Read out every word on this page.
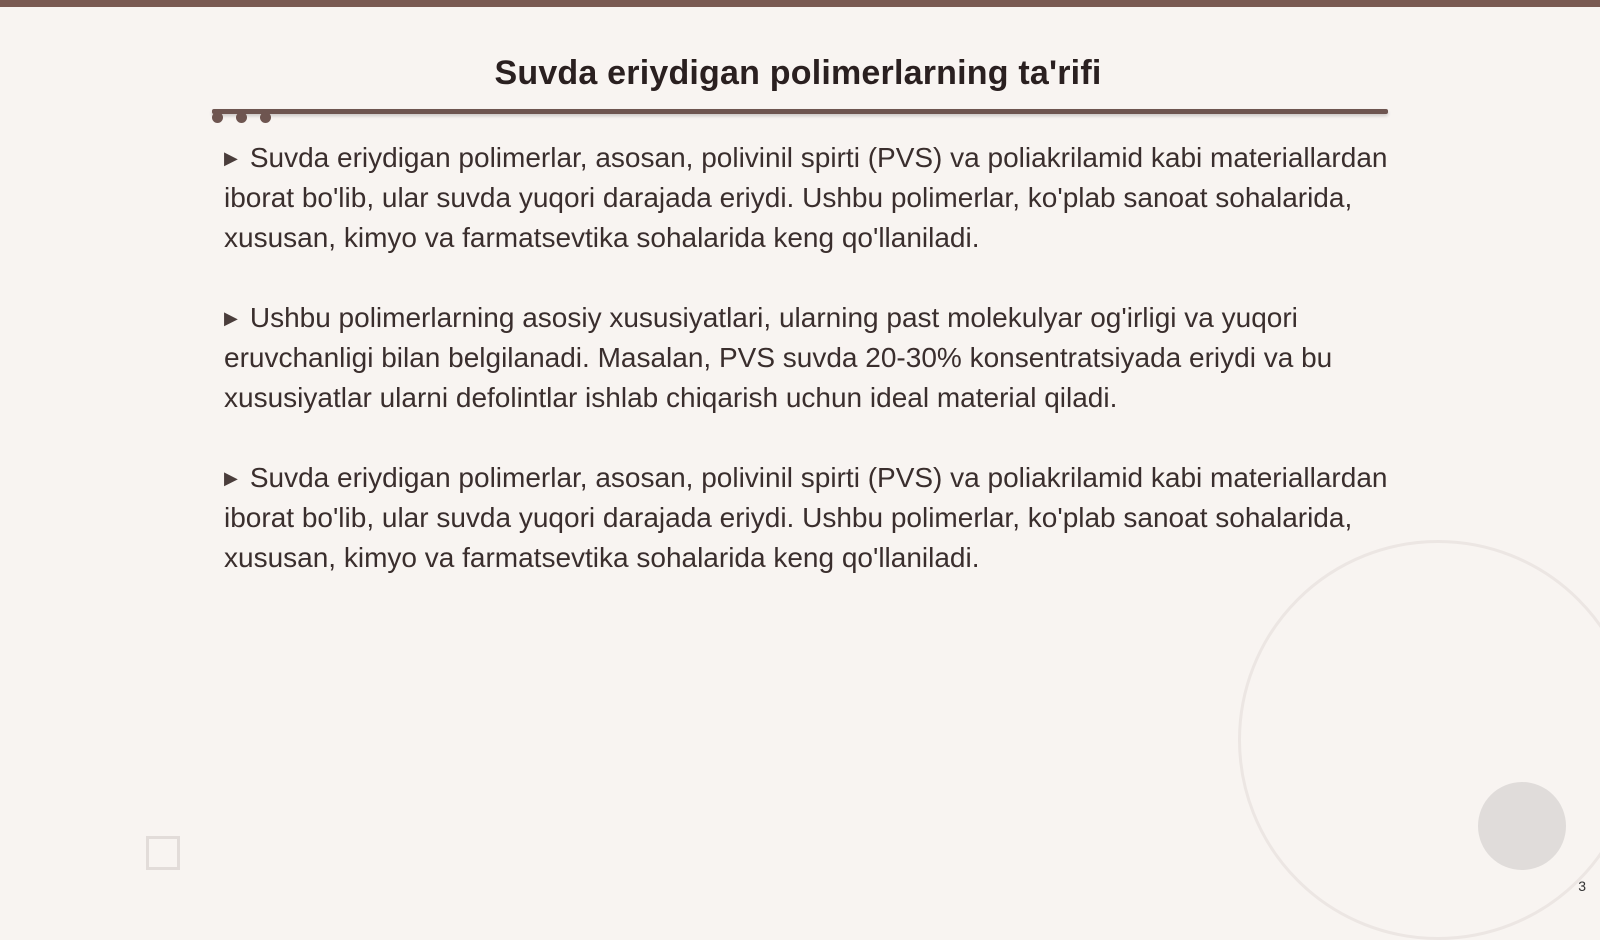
Suvda eriydigan polimerlarning ta'rifi

▶ Suvda eriydigan polimerlar, asosan, polivinil spirti (PVS) va poliakrilamid kabi materiallardan iborat bo'lib, ular suvda yuqori darajada eriydi. Ushbu polimerlar, ko'plab sanoat sohalarida, xususan, kimyo va farmatsevtika sohalarida keng qo'llaniladi.

▶ Ushbu polimerlarning asosiy xususiyatlari, ularning past molekulyar og'irligi va yuqori eruvchanligi bilan belgilanadi. Masalan, PVS suvda 20-30% konsentratsiyada eriydi va bu xususiyatlar ularni defolintlar ishlab chiqarish uchun ideal material qiladi.

▶ Suvda eriydigan polimerlar, asosan, polivinil spirti (PVS) va poliakrilamid kabi materiallardan iborat bo'lib, ular suvda yuqori darajada eriydi. Ushbu polimerlar, ko'plab sanoat sohalarida, xususan, kimyo va farmatsevtika sohalarida keng qo'llaniladi.

3
